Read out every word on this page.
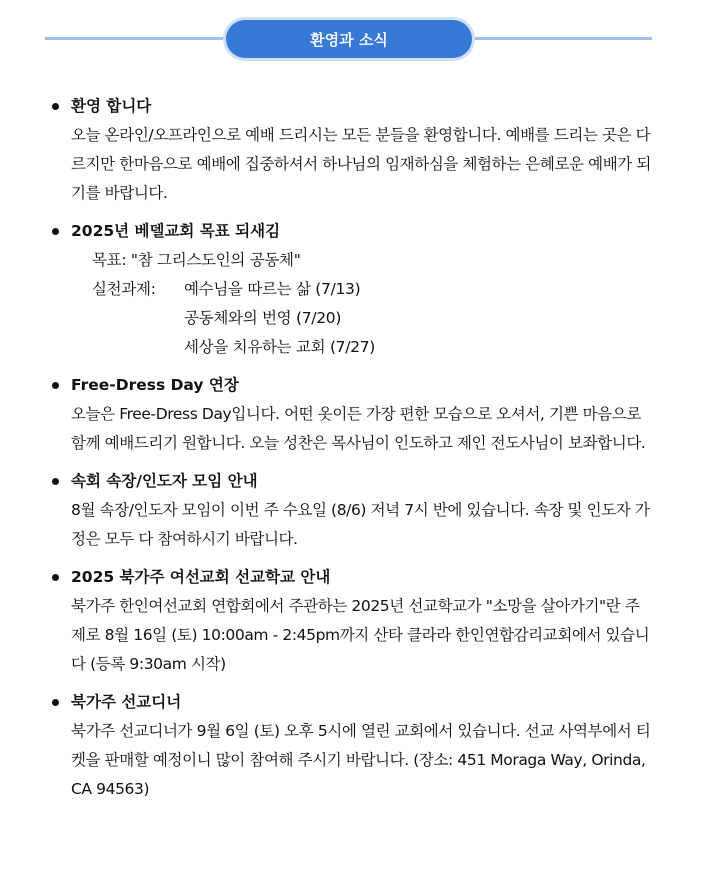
환영과 소식
환영 합니다
오늘 온라인/오프라인으로 예배 드리시는 모든 분들을 환영합니다. 예배를 드리는 곳은 다르지만 한마음으로 예배에 집중하셔서 하나님의 임재하심을 체험하는 은혜로운 예배가 되기를 바랍니다.
2025년 베델교회 목표 되새김
목표: "참 그리스도인의 공동체"
실천과제:	예수님을 따르는 삶 (7/13)
공동체와의 번영 (7/20)
세상을 치유하는 교회 (7/27)
Free-Dress Day 연장
오늘은 Free-Dress Day입니다. 어떤 옷이든 가장 편한 모습으로 오셔서, 기쁜 마음으로 함께 예배드리기 원합니다. 오늘 성찬은 목사님이 인도하고 제인 전도사님이 보좌합니다.
속회 속장/인도자 모임 안내
8월 속장/인도자 모임이 이번 주 수요일 (8/6) 저녁 7시 반에 있습니다. 속장 및 인도자 가정은 모두 다 참여하시기 바랍니다.
2025 북가주 여선교회 선교학교 안내
북가주 한인여선교회 연합회에서 주관하는 2025년 선교학교가 "소망을 살아가기"란 주제로 8월 16일 (토) 10:00am - 2:45pm까지 산타 클라라 한인연합감리교회에서 있습니다 (등록 9:30am 시작)
북가주 선교디너
북가주 선교디너가 9월 6일 (토) 오후 5시에 열린 교회에서 있습니다. 선교 사역부에서 티켓을 판매할 예정이니 많이 참여해 주시기 바랍니다. (장소: 451 Moraga Way, Orinda, CA 94563)
